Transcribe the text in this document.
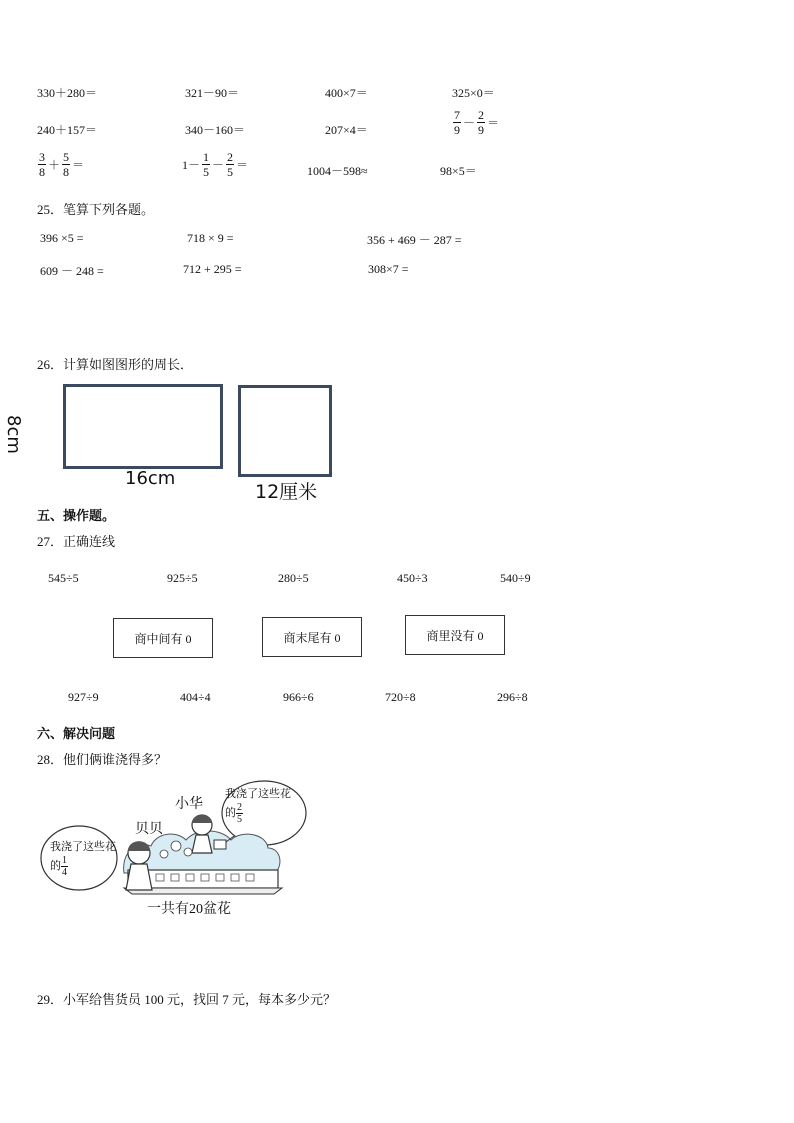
330＋280＝	321－90＝	400×7＝	325×0＝
240＋157＝	340－160＝	207×4＝	$\frac{7}{9} - \frac{2}{9}$ ＝
$\frac{3}{8} + \frac{5}{8}$ ＝	$1- \frac{1}{5} - \frac{2}{5}$ ＝	1004－598≈	98×5＝
25．笔算下列各题。
396 ×5 =	718 × 9 =	356 + 469 － 287 =
609 － 248 =	712 + 295 =	308×7 =
26．计算如图图形的周长．
8cm
16cm
12厘米
五、操作题。
27．正确连线
545÷5	925÷5	280÷5	450÷3	540÷9
商中间有 0	商末尾有 0	商里没有 0
927÷9	404÷4	966÷6	720÷8	296÷8
六、解决问题
28．他们俩谁浇得多？
贝贝
小华
我浇了这些花的 $\frac{1}{4}$
我浇了这些花的 $\frac{2}{5}$
一共有20盆花
29．小军给售货员 100 元，找回 7 元，每本多少元？
